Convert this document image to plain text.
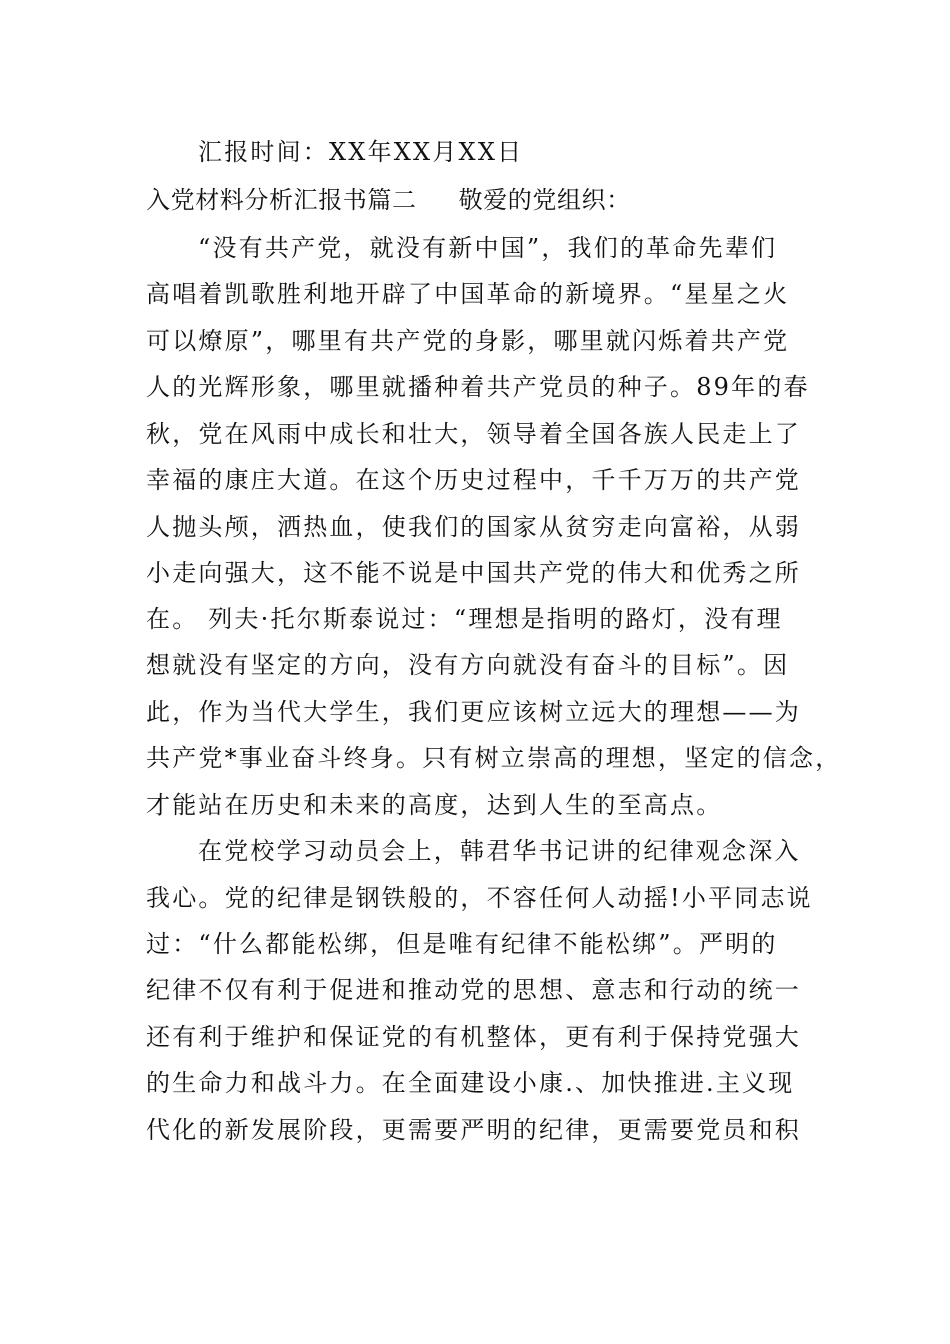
汇报时间：XX年XX月XX日
入党材料分析汇报书篇二 敬爱的党组织：
“没有共产党，就没有新中国”，我们的革命先辈们
高唱着凯歌胜利地开辟了中国革命的新境界。“星星之火
可以燎原”，哪里有共产党的身影，哪里就闪烁着共产党
人的光辉形象，哪里就播种着共产党员的种子。89年的春
秋，党在风雨中成长和壮大，领导着全国各族人民走上了
幸福的康庄大道。在这个历史过程中，千千万万的共产党
人抛头颅，洒热血，使我们的国家从贫穷走向富裕，从弱
小走向强大，这不能不说是中国共产党的伟大和优秀之所
在。 列夫·托尔斯泰说过：“理想是指明的路灯，没有理
想就没有坚定的方向，没有方向就没有奋斗的目标”。因
此，作为当代大学生，我们更应该树立远大的理想——为
共产党*事业奋斗终身。只有树立崇高的理想，坚定的信念，
才能站在历史和未来的高度，达到人生的至高点。
在党校学习动员会上，韩君华书记讲的纪律观念深入
我心。党的纪律是钢铁般的，不容任何人动摇!小平同志说
过：“什么都能松绑，但是唯有纪律不能松绑”。严明的
纪律不仅有利于促进和推动党的思想、意志和行动的统一
还有利于维护和保证党的有机整体，更有利于保持党强大
的生命力和战斗力。在全面建设小康.、加快推进.主义现
代化的新发展阶段，更需要严明的纪律，更需要党员和积
